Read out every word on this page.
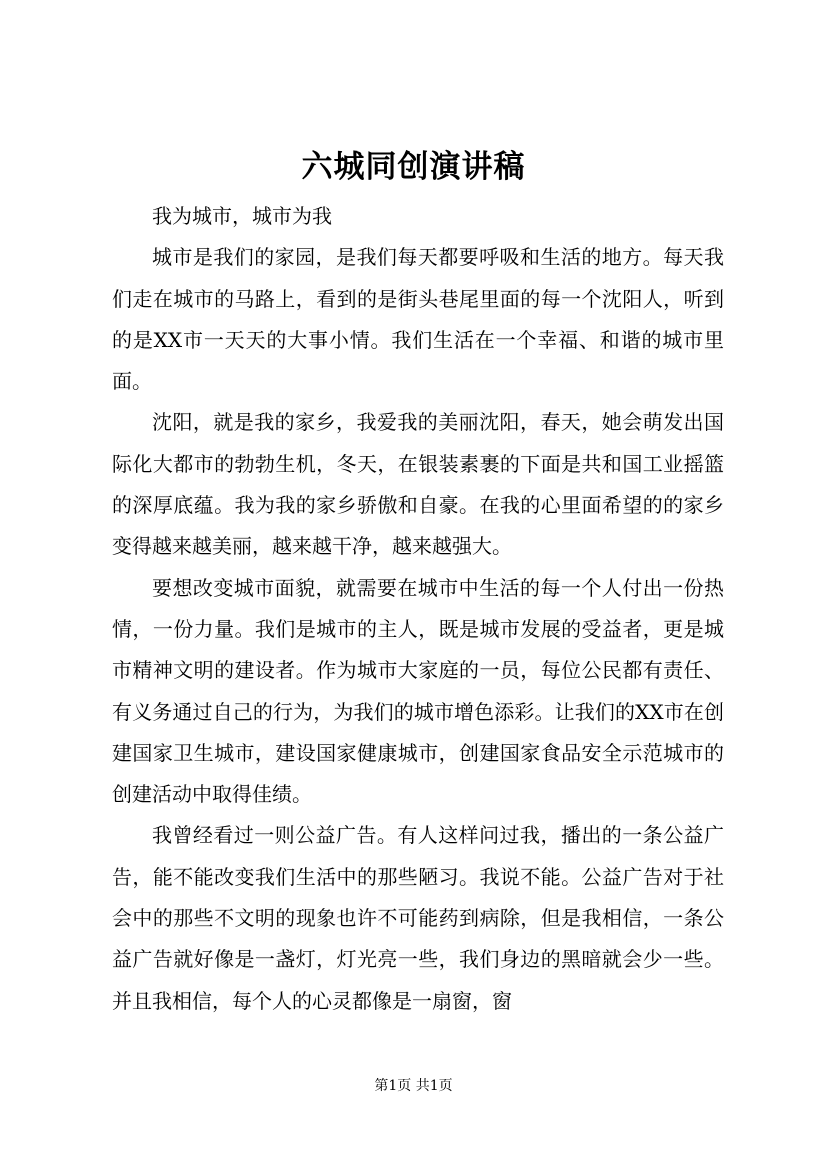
六城同创演讲稿

我为城市，城市为我

城市是我们的家园，是我们每天都要呼吸和生活的地方。每天我们走在城市的马路上，看到的是街头巷尾里面的每一个沈阳人，听到的是XX市一天天的大事小情。我们生活在一个幸福、和谐的城市里面。

沈阳，就是我的家乡，我爱我的美丽沈阳，春天，她会萌发出国际化大都市的勃勃生机，冬天，在银装素裹的下面是共和国工业摇篮的深厚底蕴。我为我的家乡骄傲和自豪。在我的心里面希望的的家乡变得越来越美丽，越来越干净，越来越强大。

要想改变城市面貌，就需要在城市中生活的每一个人付出一份热情，一份力量。我们是城市的主人，既是城市发展的受益者，更是城市精神文明的建设者。作为城市大家庭的一员，每位公民都有责任、有义务通过自己的行为，为我们的城市增色添彩。让我们的XX市在创建国家卫生城市，建设国家健康城市，创建国家食品安全示范城市的创建活动中取得佳绩。

我曾经看过一则公益广告。有人这样问过我，播出的一条公益广告，能不能改变我们生活中的那些陋习。我说不能。公益广告对于社会中的那些不文明的现象也许不可能药到病除，但是我相信，一条公益广告就好像是一盏灯，灯光亮一些，我们身边的黑暗就会少一些。并且我相信，每个人的心灵都像是一扇窗，窗

第1页 共1页
